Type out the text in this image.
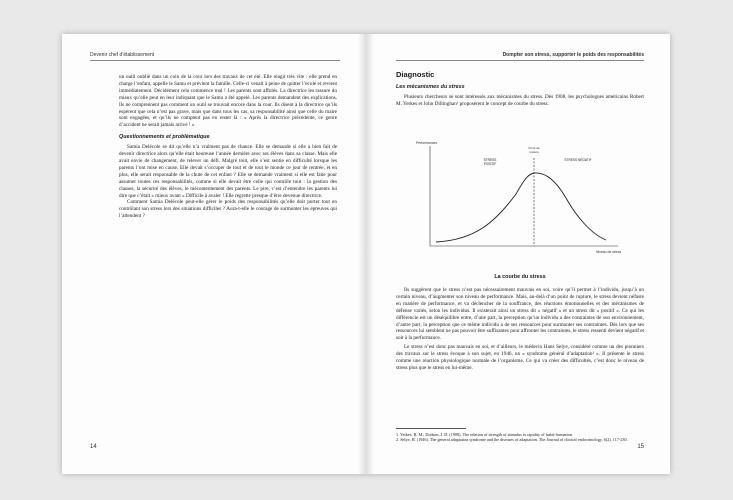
Devenir chef d’établissement

un outil oublié dans un coin de la cour lors des travaux de cet été. Elle réagit très vite : elle prend en charge l’enfant, appelle le Samu et prévient la famille. Celle-ci venait à peine de quitter l’école et revient immédiatement. Décidément cela commence mal ! Les parents sont affolés. La directrice les rassure du mieux qu’elle peut en leur indiquant que le Samu a été appelé. Les parents demandent des explications. Ils ne comprennent pas comment un outil se trouvait encore dans la cour. Ils disent à la directrice qu’ils espèrent que cela n’est pas grave, mais que dans tous les cas, sa responsabilité ainsi que celle du maire sont engagées, et qu’ils ne comptent pas en rester là : « Après la directrice précédente, ce genre d’accident ne serait jamais arrivé ! »

Questionnements et problématique

Samia Delécole se dit qu’elle n’a vraiment pas de chance. Elle se demande si elle a bien fait de devenir directrice alors qu’elle était heureuse l’année dernière avec ses élèves dans sa classe. Mais elle avait envie de changement, de relever un défi. Malgré tout, elle s’est sentie en difficulté lorsque les parents l’ont mise en cause. Elle devait s’occuper de tout et de tout le monde ce jour de rentrée, et en plus, elle serait responsable de la chute de cet enfant ? Elle se demande vraiment si elle est faite pour assumer toutes ces responsabilités, comme si elle devait être celle qui contrôle tout : la gestion des classes, la sécurité des élèves, le mécontentement des parents. Le pire, c’est d’entendre les parents lui dire que c’était « mieux avant » Difficile à avaler ! Elle regrette presque d’être devenue directrice.

Comment Samia Delécole peut-elle gérer le poids des responsabilités qu’elle doit porter tout en contrôlant son stress lors des situations difficiles ? Aura-t-elle le courage de surmonter les épreuves qui l’attendent ?

14
Dompter son stress, supporter le poids des responsabilités
Diagnostic
Les mécanismes du stress

Plusieurs chercheurs se sont intéressés aux mécanismes du stress. Dès 1908, les psychologues américains Robert M. Yerkes et John Dillinghan¹ proposèrent le concept de courbe du stress.

Performances
Niveau de stress
Point de
rupture
STRESS
POSITIF
STRESS NÉGATIF
La courbe du stress

Ils suggèrent que le stress n’est pas nécessairement mauvais en soi, voire qu’il permet à l’individu, jusqu’à un certain niveau, d’augmenter son niveau de performance. Mais, au-delà d’un point de rupture, le stress devient néfaste en matière de performance, et va déclencher de la souffrance, des réactions émotionnelles et des mécanismes de défense variés, selon les individus. Il existerait ainsi un stress dit « négatif » et un stress dit « positif ». Ce qui les différencie est un déséquilibre entre, d’une part, la perception qu’un individu a des contraintes de son environnement, d’autre part, la perception que ce même individu a de ses ressources pour surmonter ses contraintes. Dès lors que ses ressources lui semblent ne pas pouvoir être suffisantes pour affronter les contraintes, le stress ressenti devient négatif et soit à la performance.

Le stress n’est donc pas mauvais en soi, et d’ailleurs, le médecin Hans Selye, considéré comme un des pionniers des travaux sur le stress évoque à son sujet, en 1946, un « syndrome général d’adaptation² ». Il présente le stress comme une réaction physiologique normale de l’organisme. Ce qui va créer des difficultés, c’est donc le niveau de stress plus que le stress en lui-même.

1. Yerkes, R. M.; Dodson, J. D. (1908). The relation of strength of stimulus to rapidity of habit-formation.
2. Selye, H. (1946). The general adaptation syndrome and the diseases of adaptation. The Journal of clinical endocrinology, 6(2), 117-230.
15
